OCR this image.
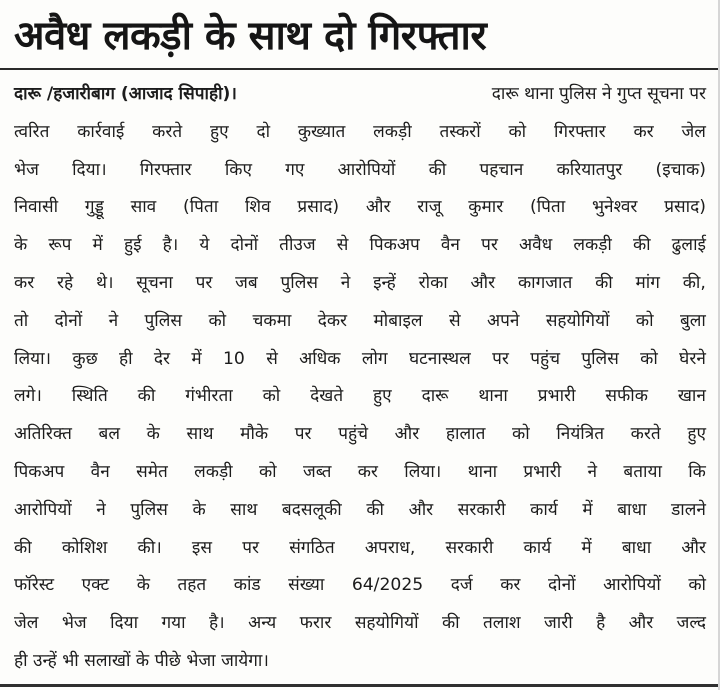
अवैध लकड़ी के साथ दो गिरफ्तार
दारू /हजारीबाग (आजाद सिपाही)।	दारू थाना पुलिस ने गुप्त सूचना पर
त्वरित कार्रवाई करते हुए दो कुख्यात लकड़ी तस्करों को गिरफ्तार कर जेल
भेज दिया। गिरफ्तार किए गए आरोपियों की पहचान करियातपुर (इचाक)
निवासी गुड्डू साव (पिता शिव प्रसाद) और राजू कुमार (पिता भुनेश्वर प्रसाद)
के रूप में हुई है। ये दोनों तीउज से पिकअप वैन पर अवैध लकड़ी की ढुलाई
कर रहे थे। सूचना पर जब पुलिस ने इन्हें रोका और कागजात की मांग की,
तो दोनों ने पुलिस को चकमा देकर मोबाइल से अपने सहयोगियों को बुला
लिया। कुछ ही देर में 10 से अधिक लोग घटनास्थल पर पहुंच पुलिस को घेरने
लगे। स्थिति की गंभीरता को देखते हुए दारू थाना प्रभारी सफीक खान
अतिरिक्त बल के साथ मौके पर पहुंचे और हालात को नियंत्रित करते हुए
पिकअप वैन समेत लकड़ी को जब्त कर लिया। थाना प्रभारी ने बताया कि
आरोपियों ने पुलिस के साथ बदसलूकी की और सरकारी कार्य में बाधा डालने
की कोशिश की। इस पर संगठित अपराध, सरकारी कार्य में बाधा और
फॉरेस्ट एक्ट के तहत कांड संख्या 64/2025 दर्ज कर दोनों आरोपियों को
जेल भेज दिया गया है। अन्य फरार सहयोगियों की तलाश जारी है और जल्द
ही उन्हें भी सलाखों के पीछे भेजा जायेगा।
